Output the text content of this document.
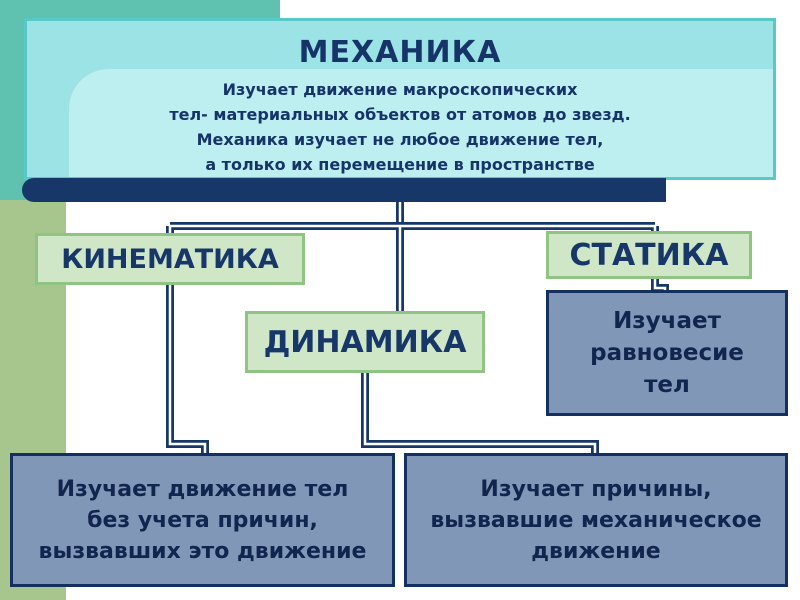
МЕХАНИКА
Изучает движение макроскопических
тел- материальных объектов от атомов до звезд.
Механика изучает не любое движение тел,
а только их перемещение в пространстве
КИНЕМАТИКА
ДИНАМИКА
СТАТИКА
Изучает
равновесие
тел
Изучает движение тел
без учета причин,
вызвавших это движение
Изучает причины,
вызвавшие механическое
движение
